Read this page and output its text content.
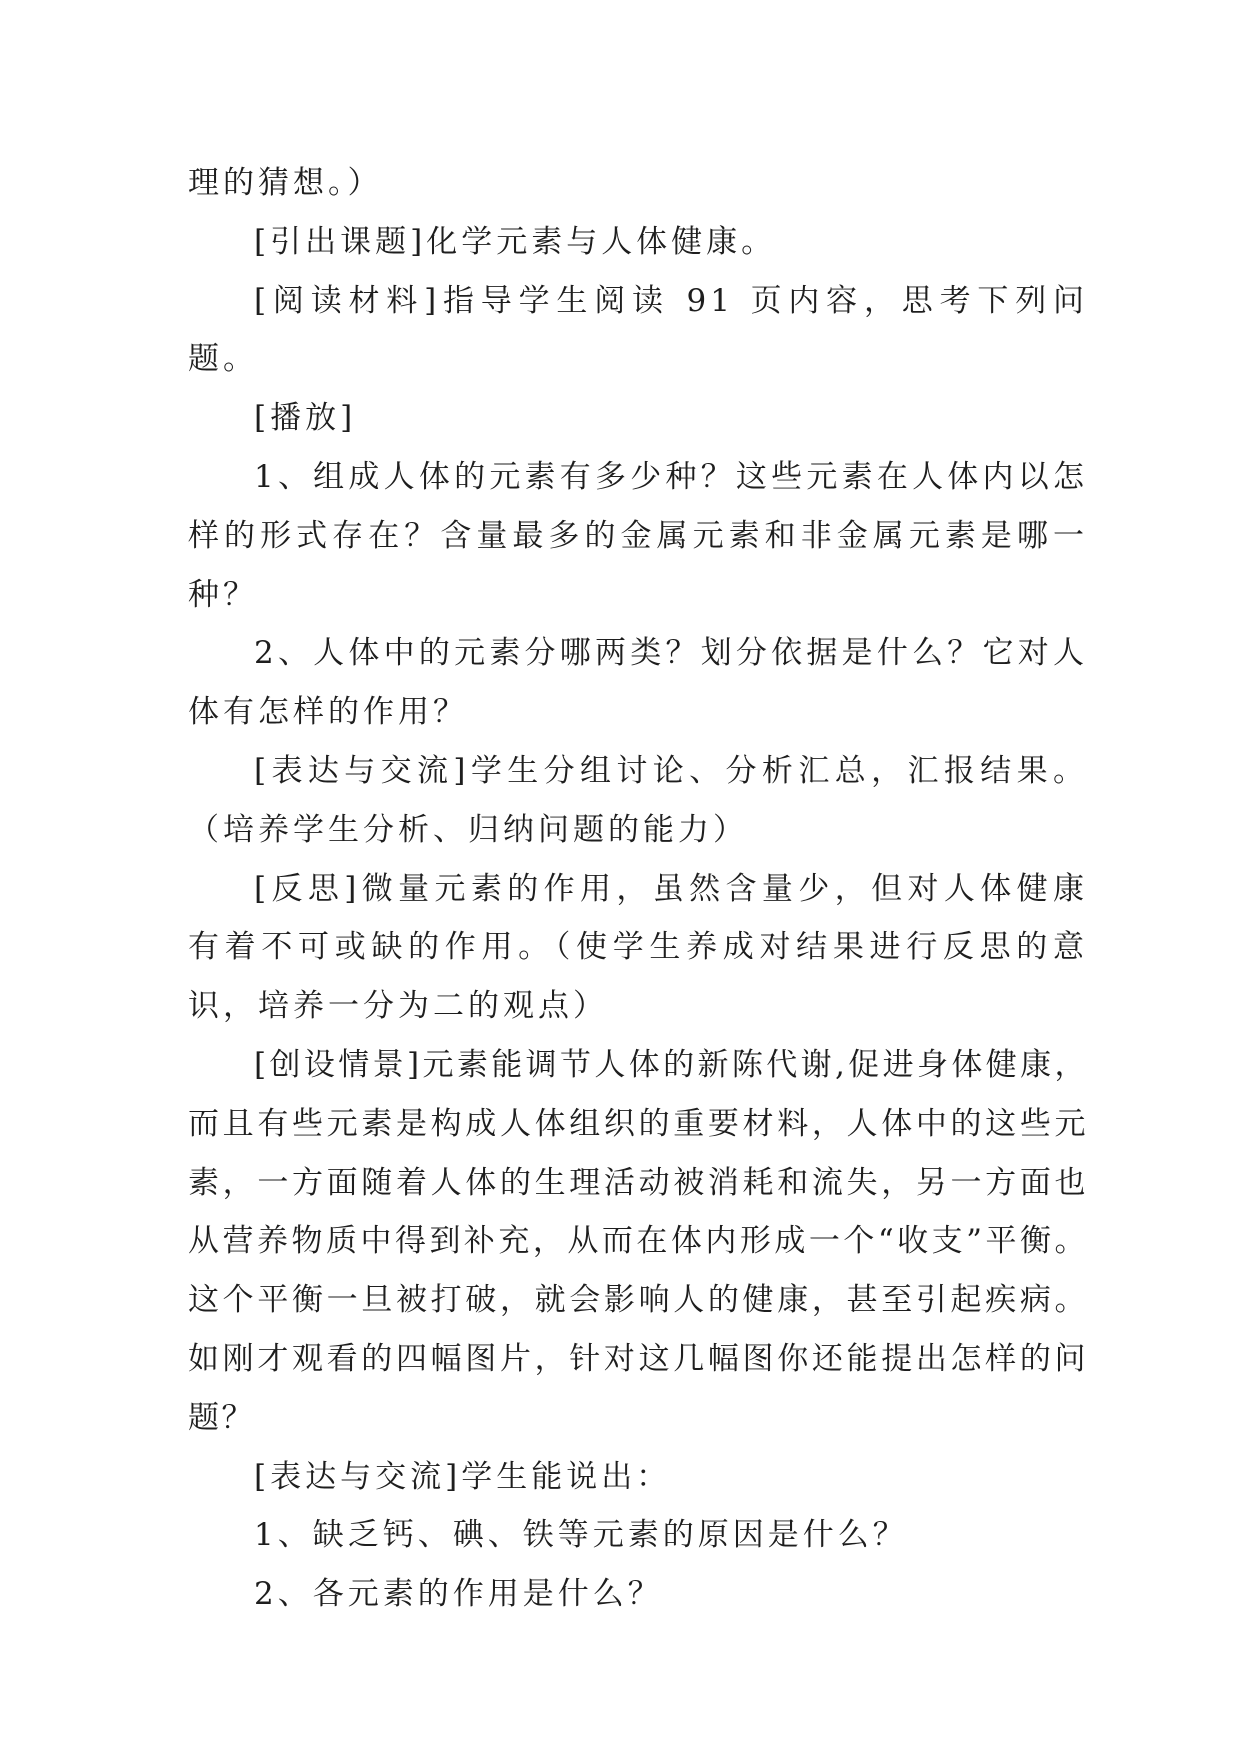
理的猜想。）

[引出课题]化学元素与人体健康。

[阅读材料]指导学生阅读 91 页内容，思考下列问题。

[播放]

1、组成人体的元素有多少种？这些元素在人体内以怎样的形式存在？含量最多的金属元素和非金属元素是哪一种？

2、人体中的元素分哪两类？划分依据是什么？它对人体有怎样的作用？

[表达与交流]学生分组讨论、分析汇总，汇报结果。（培养学生分析、归纳问题的能力）

[反思]微量元素的作用，虽然含量少，但对人体健康有着不可或缺的作用。（使学生养成对结果进行反思的意识，培养一分为二的观点）

[创设情景]元素能调节人体的新陈代谢,促进身体健康，而且有些元素是构成人体组织的重要材料，人体中的这些元素，一方面随着人体的生理活动被消耗和流失，另一方面也从营养物质中得到补充，从而在体内形成一个“收支”平衡。这个平衡一旦被打破，就会影响人的健康，甚至引起疾病。如刚才观看的四幅图片，针对这几幅图你还能提出怎样的问题？

[表达与交流]学生能说出：

1、缺乏钙、碘、铁等元素的原因是什么？

2、各元素的作用是什么？
